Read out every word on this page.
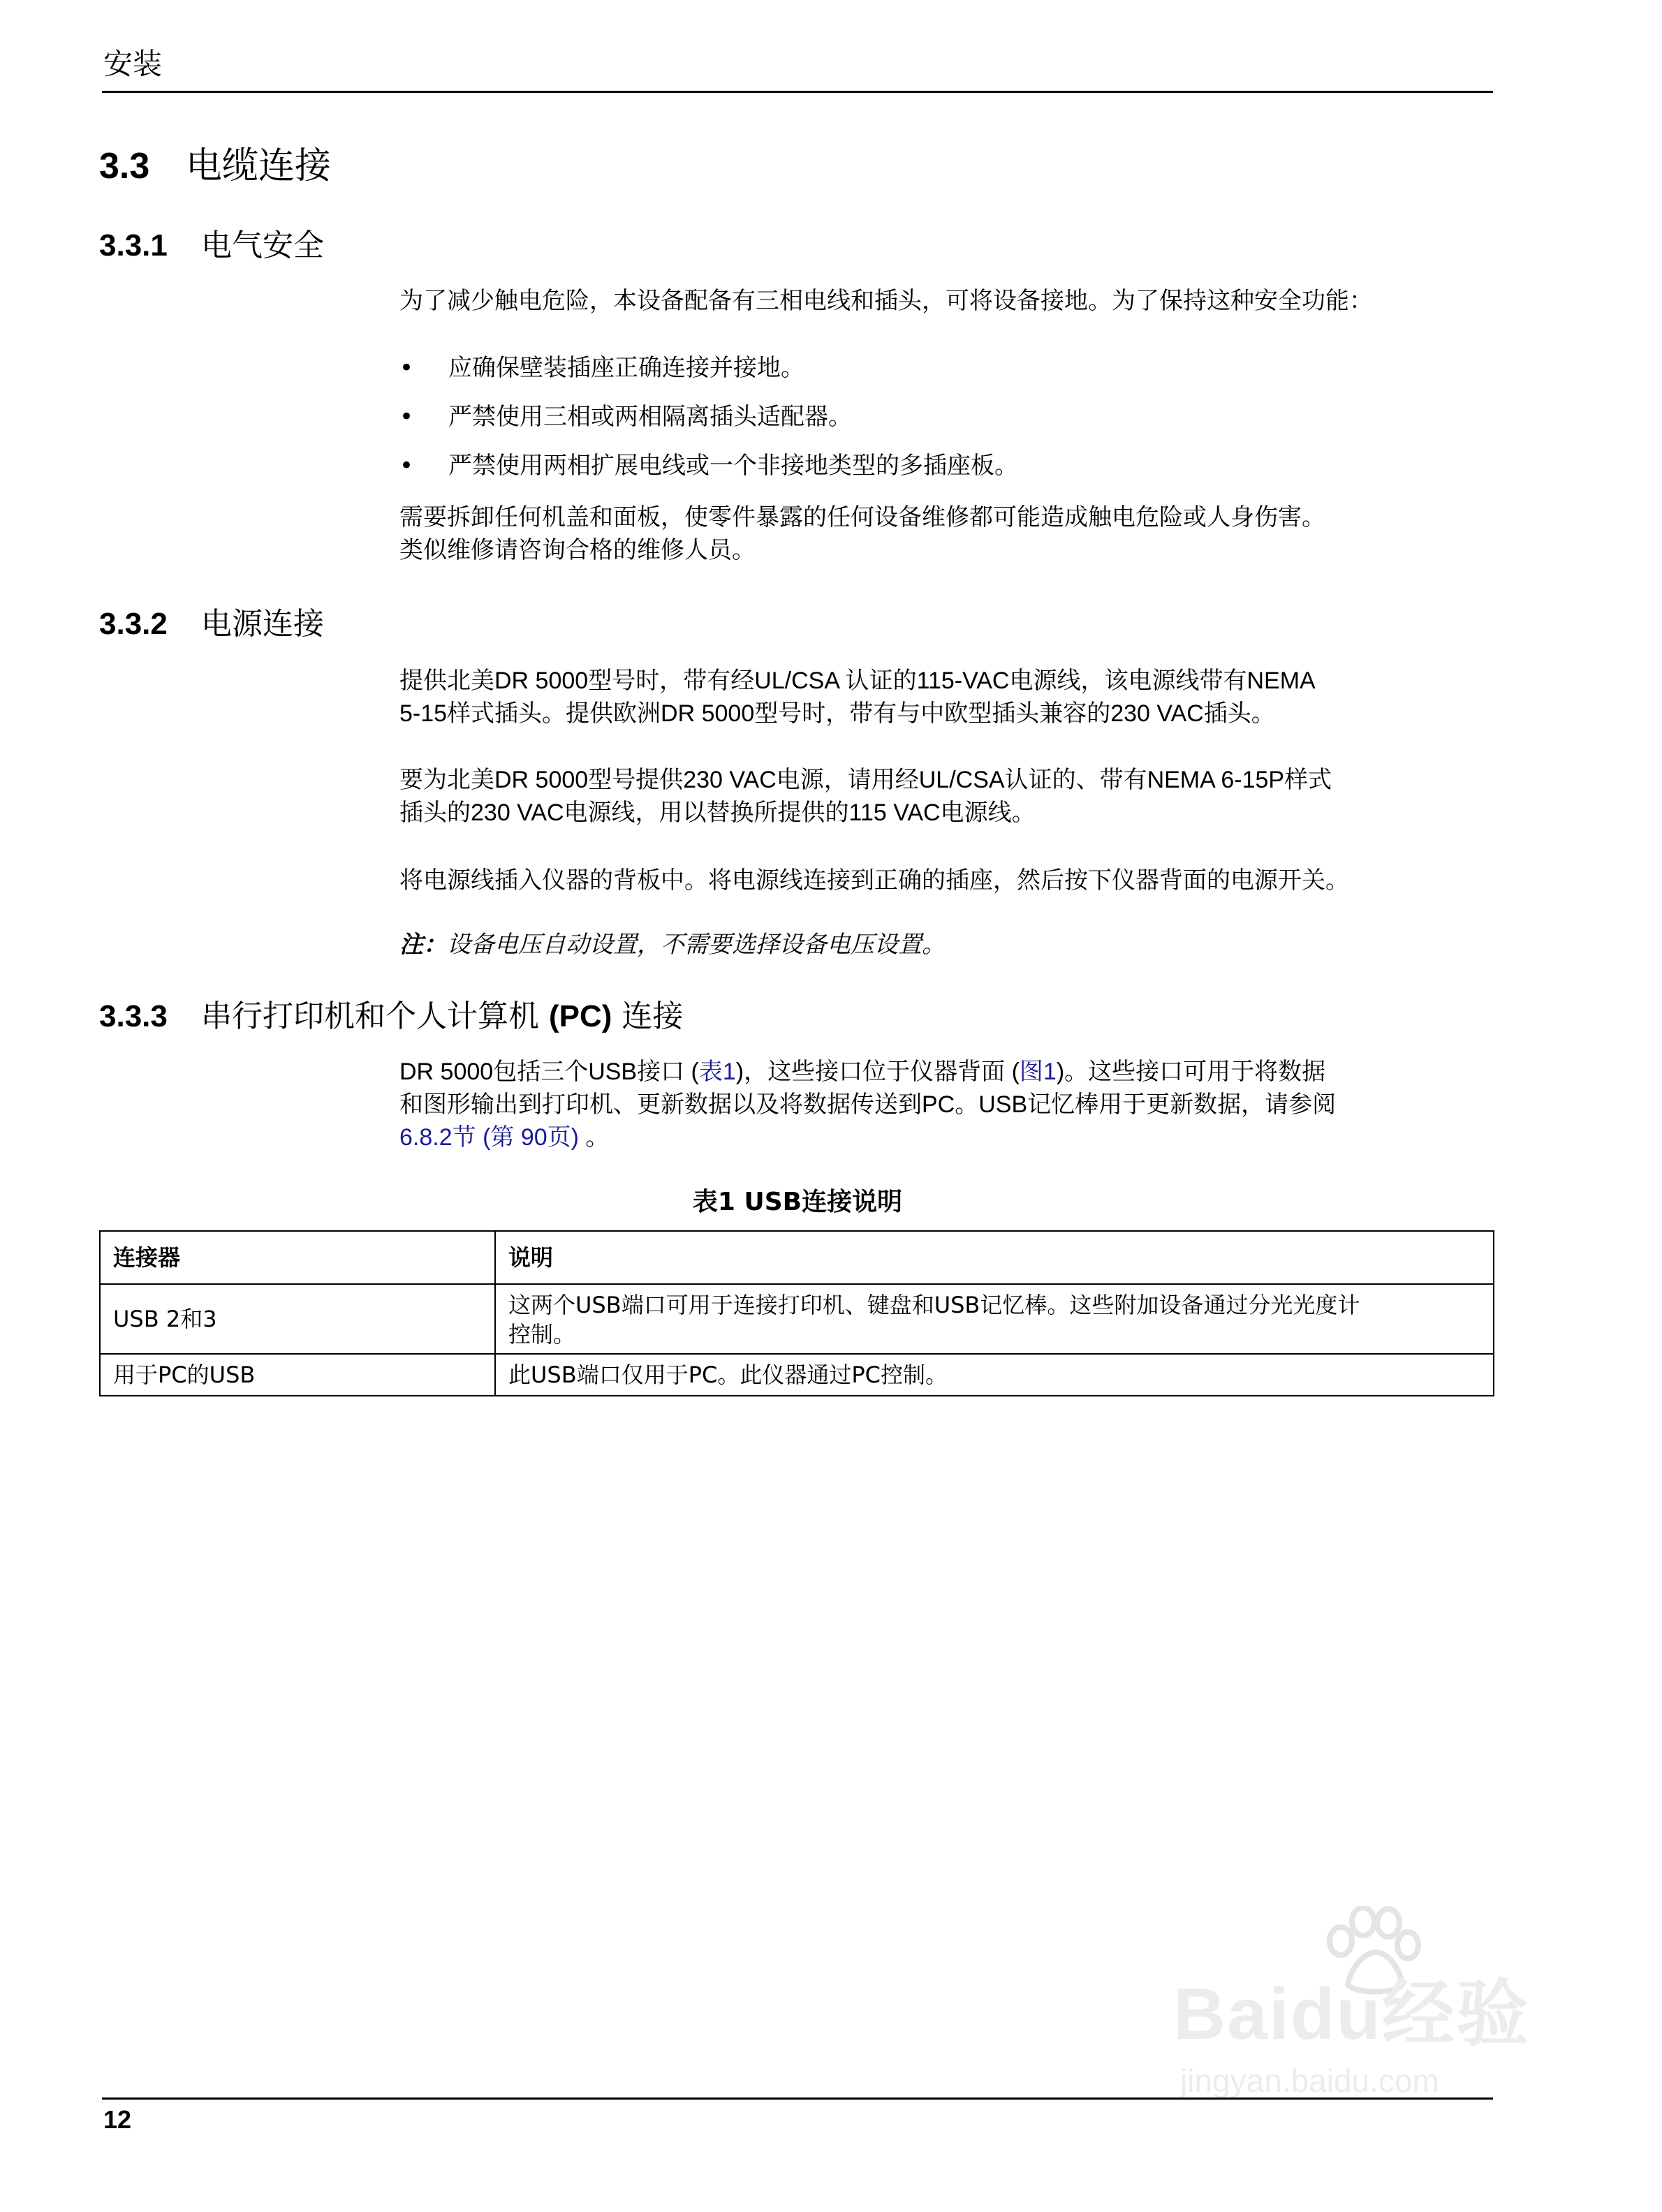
安装
3.3 电缆连接
3.3.1 电气安全
为了减少触电危险，本设备配备有三相电线和插头，可将设备接地。为了保持这种安全功能：
• 应确保壁装插座正确连接并接地。
• 严禁使用三相或两相隔离插头适配器。
• 严禁使用两相扩展电线或一个非接地类型的多插座板。
需要拆卸任何机盖和面板，使零件暴露的任何设备维修都可能造成触电危险或人身伤害。
类似维修请咨询合格的维修人员。
3.3.2 电源连接
提供北美DR 5000型号时，带有经UL/CSA 认证的115-VAC电源线，该电源线带有NEMA
5-15样式插头。提供欧洲DR 5000型号时，带有与中欧型插头兼容的230 VAC插头。
要为北美DR 5000型号提供230 VAC电源，请用经UL/CSA认证的、带有NEMA 6-15P样式
插头的230 VAC电源线，用以替换所提供的115 VAC电源线。
将电源线插入仪器的背板中。将电源线连接到正确的插座，然后按下仪器背面的电源开关。
注：设备电压自动设置，不需要选择设备电压设置。
3.3.3 串行打印机和个人计算机 (PC) 连接
DR 5000包括三个USB接口 (表1)，这些接口位于仪器背面 (图1)。这些接口可用于将数据
和图形输出到打印机、更新数据以及将数据传送到PC。USB记忆棒用于更新数据，请参阅
6.8.2节 (第 90页) 。
表1 USB连接说明
连接器	说明

USB 2和3	这两个USB端口可用于连接打印机、键盘和USB记忆棒。这些附加设备通过分光光度计
控制。

用于PC的USB	此USB端口仅用于PC。此仪器通过PC控制。
Baidu经验
jingyan.baidu.com
12
